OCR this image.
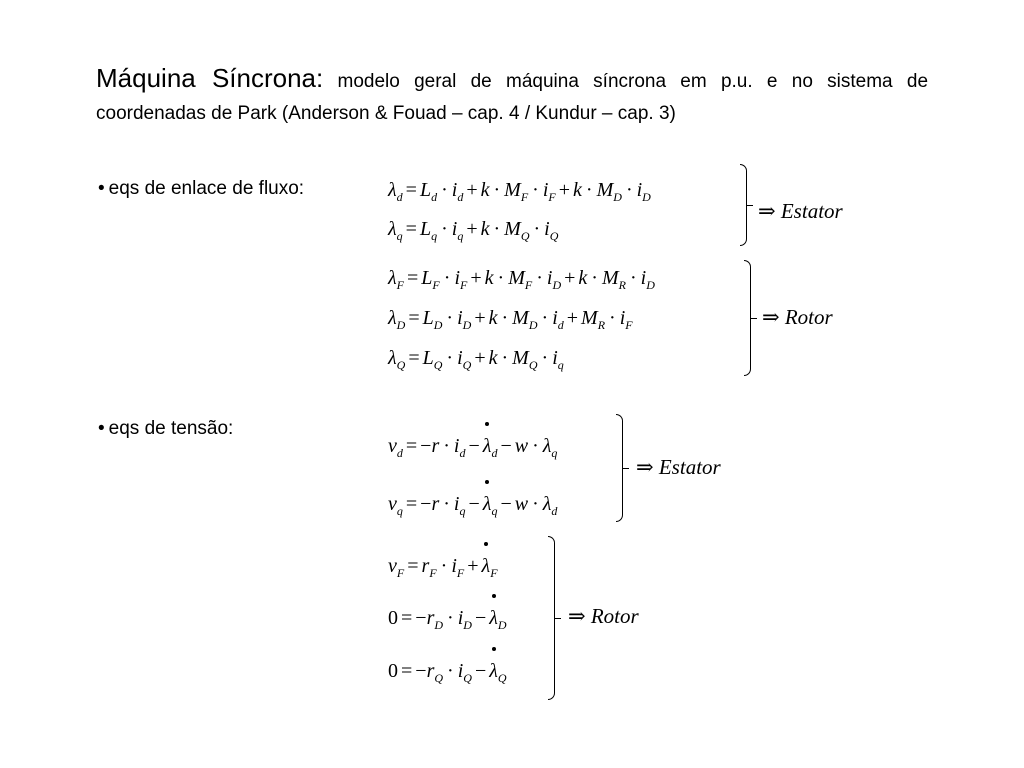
Máquina Síncrona: modelo geral de máquina síncrona em p.u. e no sistema de coordenadas de Park (Anderson & Fouad – cap. 4 / Kundur – cap. 3)
• eqs de enlace de fluxo:
• eqs de tensão:
$\lambda_d = L_d \cdot i_d + k \cdot M_F \cdot i_F + k \cdot M_D \cdot i_D$
$\lambda_q = L_q \cdot i_q + k \cdot M_Q \cdot i_Q$
⇒ Estator
$\lambda_F = L_F \cdot i_F + k \cdot M_F \cdot i_D + k \cdot M_R \cdot i_D$
$\lambda_D = L_D \cdot i_D + k \cdot M_D \cdot i_d + M_R \cdot i_F$
$\lambda_Q = L_Q \cdot i_Q + k \cdot M_Q \cdot i_q$
⇒ Rotor
$v_d = -r \cdot i_d - \lambda_d - w \cdot \lambda_q$
$v_q = -r \cdot i_q - \lambda_q - w \cdot \lambda_d$
⇒ Estator
$v_F = r_F \cdot i_F + \lambda_F$
$0 = -r_D \cdot i_D - \lambda_D$
$0 = -r_Q \cdot i_Q - \lambda_Q$
⇒ Rotor
